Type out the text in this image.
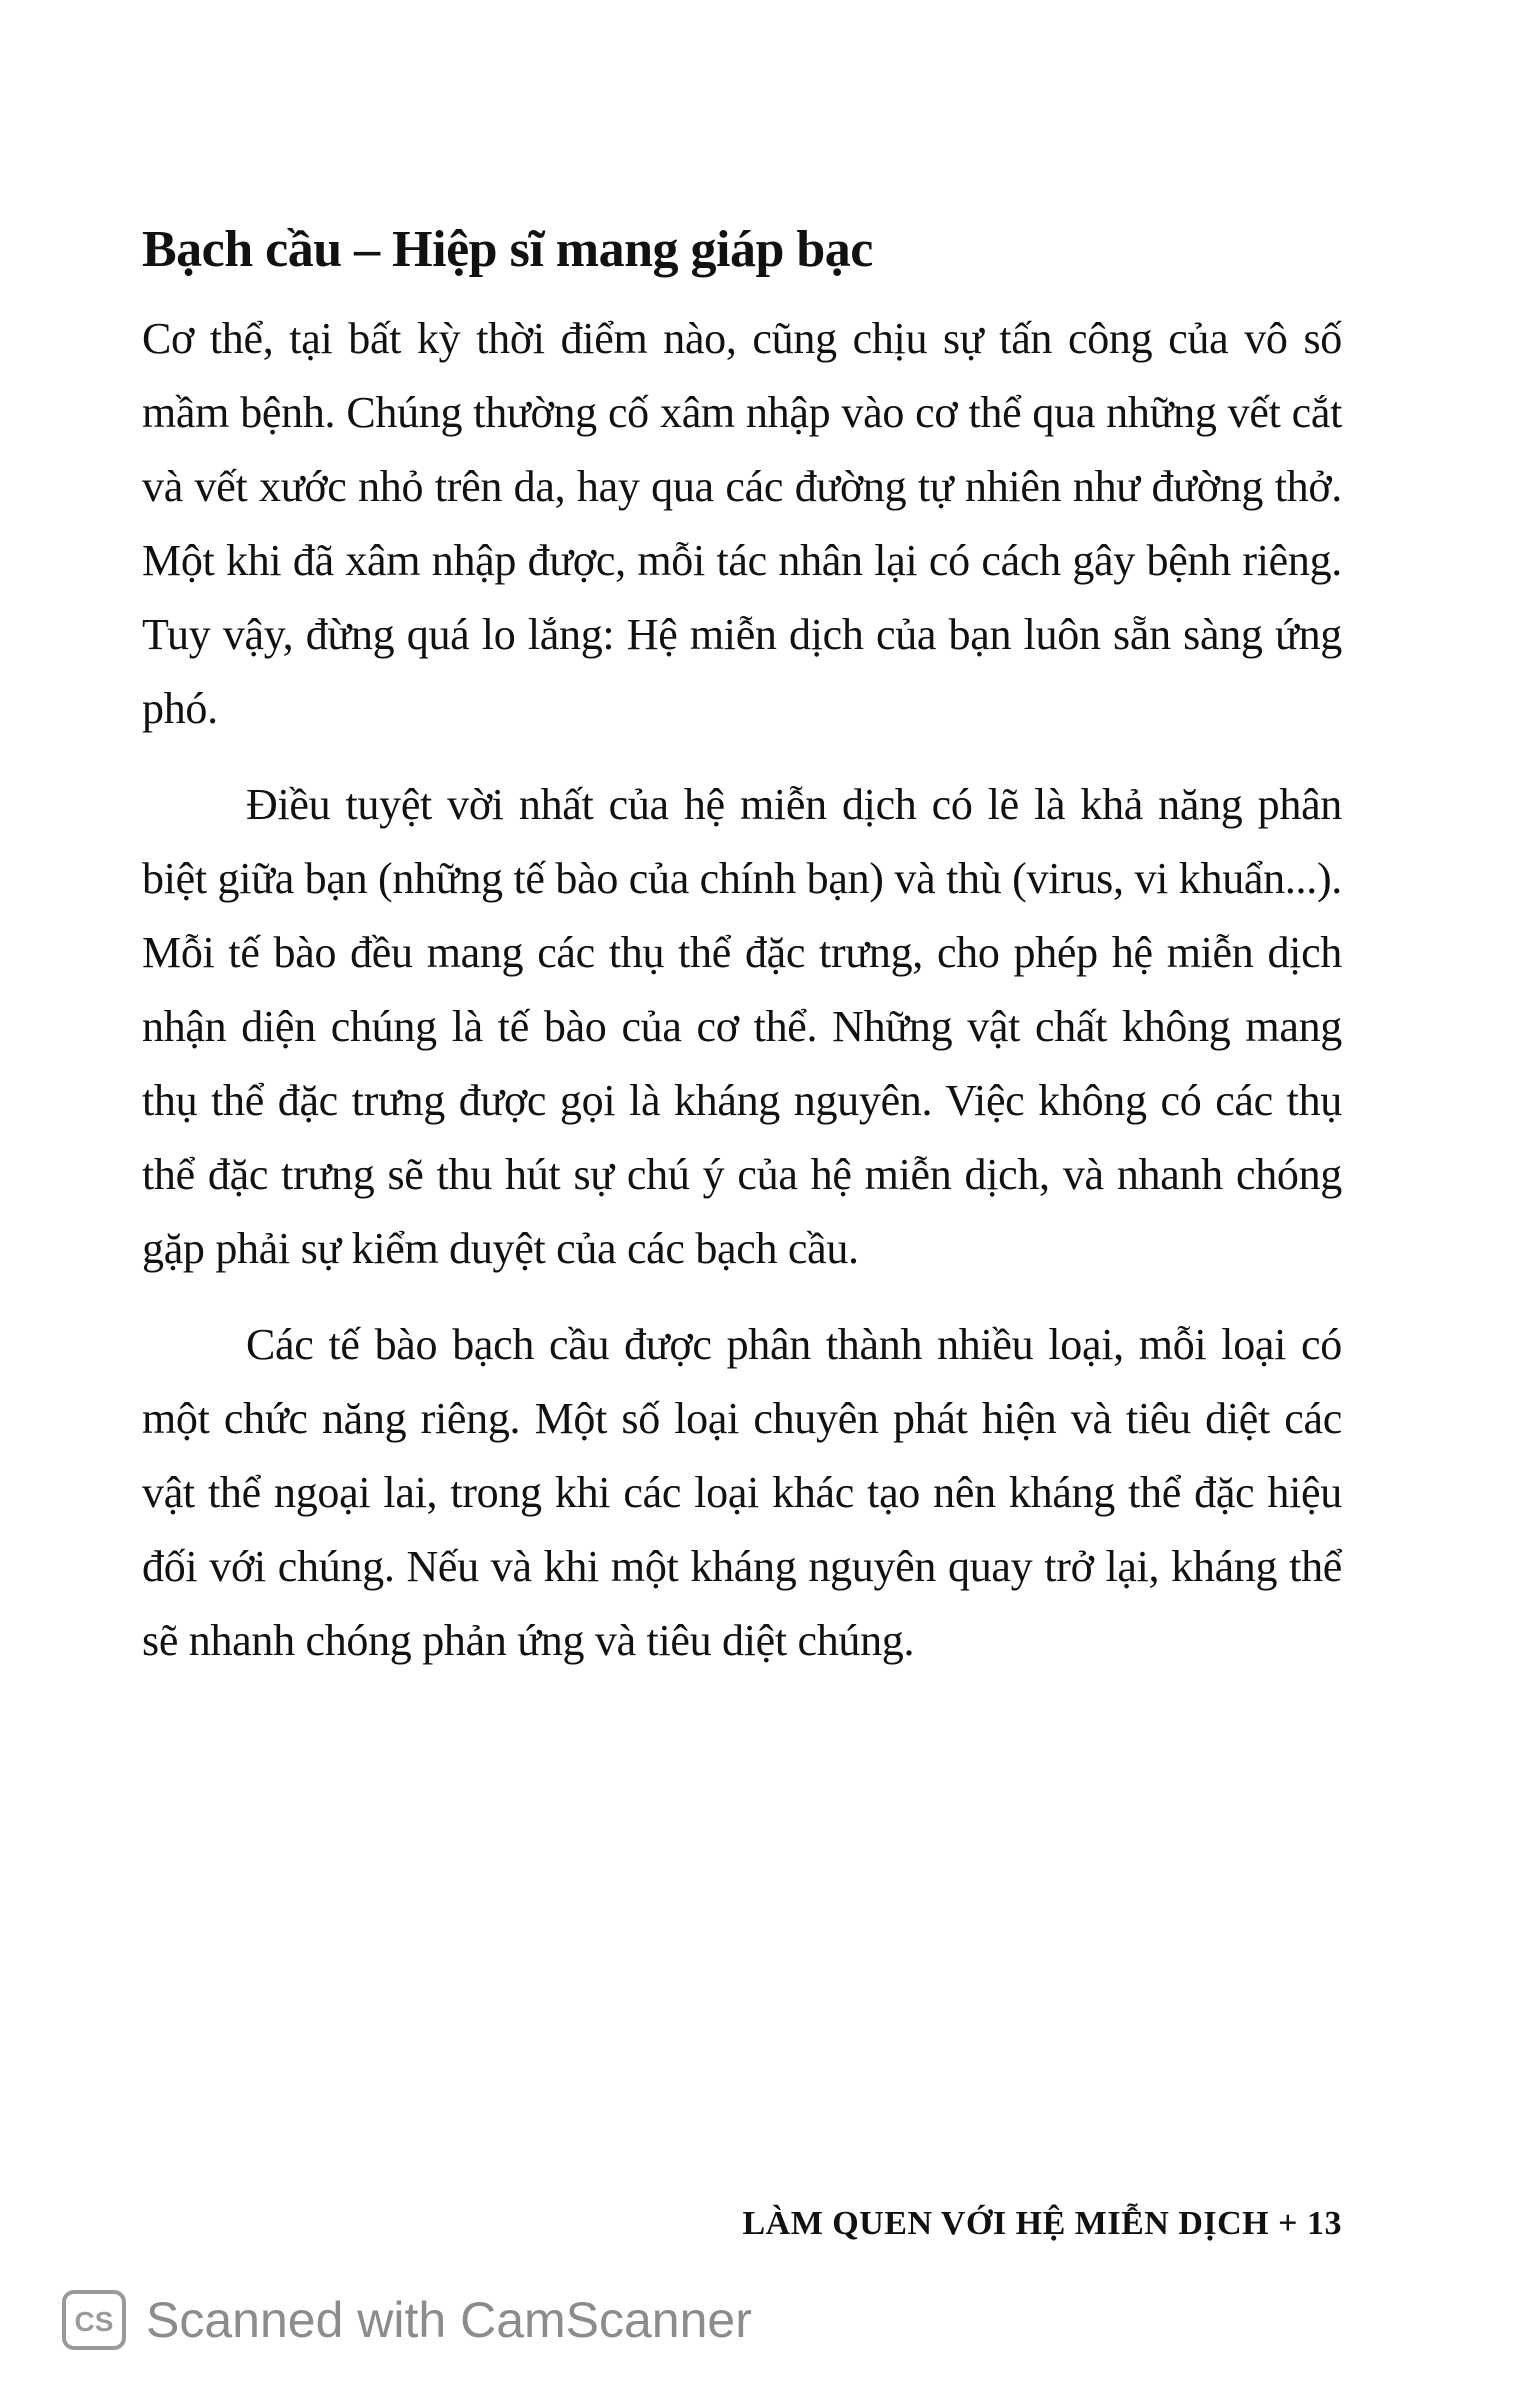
Bạch cầu – Hiệp sĩ mang giáp bạc

Cơ thể, tại bất kỳ thời điểm nào, cũng chịu sự tấn công của vô số mầm bệnh. Chúng thường cố xâm nhập vào cơ thể qua những vết cắt và vết xước nhỏ trên da, hay qua các đường tự nhiên như đường thở. Một khi đã xâm nhập được, mỗi tác nhân lại có cách gây bệnh riêng. Tuy vậy, đừng quá lo lắng: Hệ miễn dịch của bạn luôn sẵn sàng ứng phó.

Điều tuyệt vời nhất của hệ miễn dịch có lẽ là khả năng phân biệt giữa bạn (những tế bào của chính bạn) và thù (virus, vi khuẩn...). Mỗi tế bào đều mang các thụ thể đặc trưng, cho phép hệ miễn dịch nhận diện chúng là tế bào của cơ thể. Những vật chất không mang thụ thể đặc trưng được gọi là kháng nguyên. Việc không có các thụ thể đặc trưng sẽ thu hút sự chú ý của hệ miễn dịch, và nhanh chóng gặp phải sự kiểm duyệt của các bạch cầu.

Các tế bào bạch cầu được phân thành nhiều loại, mỗi loại có một chức năng riêng. Một số loại chuyên phát hiện và tiêu diệt các vật thể ngoại lai, trong khi các loại khác tạo nên kháng thể đặc hiệu đối với chúng. Nếu và khi một kháng nguyên quay trở lại, kháng thể sẽ nhanh chóng phản ứng và tiêu diệt chúng.

LÀM QUEN VỚI HỆ MIỄN DỊCH + 13
CS Scanned with CamScanner
